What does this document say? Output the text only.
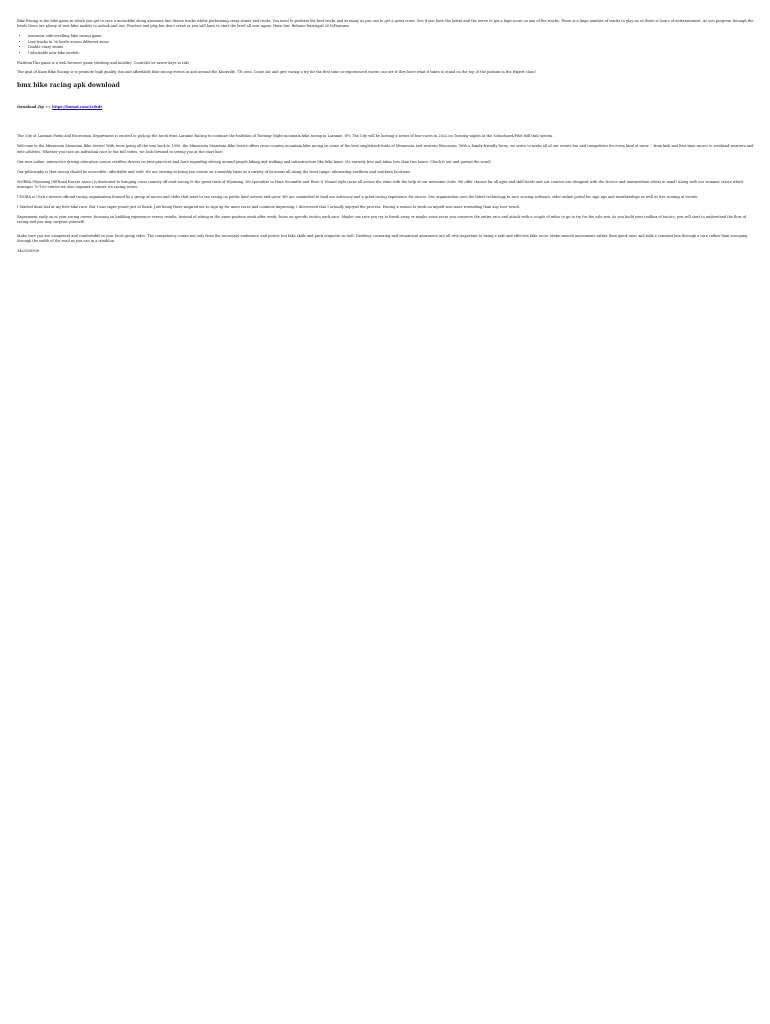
Bike Racing is the bike game in which you get to race a motorbike along awesome line drawn tracks whilst performing crazy stunts and tricks. You need to perform the best tricks and as many as you can to get a great score. See if you have the talent and the nerve to get a high score on any of the tracks. There is a huge number of tracks to play on so there is hours of entertainment. As you progress through the levels there are plenty of new bike models to unlock and use. Practice and play but don't crash or you will have to start the level all over again. Have fun! Release DateApril 2018Features

• Awesome side-scrolling bike racing game
• Line tracks in 30 levels across different areas
• Doable crazy stunts
• Unlockable new bike models.

PlatformThis game is a web browser game (desktop and mobile). ControlsUse arrow keys to ride

The goal of Knox Bike Racing is to promote high quality, fun and affordable bike racing events in and around the Knoxville, TN area. Come out and give racing a try for the first time or experienced racers can see if they have what it takes to stand on the top of the podium in the Expert class!

bmx bike racing apk download

Download Zip ⇒⇒ https://bumaf.com/2vtkdz

The City of Laramie Parks and Recreation Department is excited to pick up the torch from Laramie Racing to continue the tradition of Tuesday Night mountain bike racing in Laramie, WY. The City will be hosting a series of four races in 2022 on Tuesday nights at the Schoolyard/Pilot Hill trail system.

Welcome to the Minnesota Mountain Bike Series! With roots going all the way back to 1990, the Minnesota Mountain Bike Series offers cross-country mountain bike racing on some of the best singletrack trails of Minnesota and western Wisconsin. With a family-friendly focus, we strive to make all of our events fun and competitive for every kind of racer -- from kids and first-time racers to weekend warriors and elite athletes. Whether you race an individual race or the full series, we look forward to seeing you at the start line!

Our new online, interactive driving education course certifies drivers on best practices and laws regarding driving around people biking and walking and infrastructure like bike lanes. It's entirely free and takes less than two hours. Check it out and spread the word!

Our philosophy is that racing should be accessible, affordable and safe! We are striving to bring you events on a monthly basis at a variety of locations all along the front range, alternating northern and southern locations.

WORRA (Wyoming Off-Road Racers Assoc) is dedicated to bringing cross country off road racing to the great state of Wyoming. We specialize in Hare Scramble and Hare & Hound style races all across the state with the help of our awesome clubs. We offer classes for all ages and skill levels and our courses are designed with the Novice and intermediate riders in mind! Along with our summer series which averages 70-100 entries we also organize a winter ice racing series.

UNORA is Utah's newest offroad racing organization formed by a group of racers and clubs that want to see racing on public land survive and grow. We are committed to land use advocacy and a great racing experience for racers. Our organization uses the latest technology in race scoring software, rider online portal for sign ups and memberships as well as live scoring at events.

I Started dead last at my first bike race. But I was super proud just to finish. Just being there inspired me to sign up for more races and continue improving. I discovered that I actually enjoyed the process. Having a reason to work on myself was more rewarding than any race result.

Experiment early on in your racing career, focusing on building experience versus results. Instead of sitting in the same position week after week, focus on specific tactics each race. Maybe one race you try to break away or maybe some races you conserve the entire race and attack with a couple of miles to go to try for the solo win. As you build your toolbox of tactics, you will start to understand the flow of racing and you may surprise yourself!

Make sure you are competent and comfortable in your local group rides. The competency comes not only from the necessary endurance and power, but bike skills and pack etiquette as well. Drafting, cornering and situational awareness are all very important to being a safe and effective bike racer. Make smooth movements rather than quick ones and hold a constant line through a turn rather than swooping through the width of the road as you can in a triathlon.

94e3538938
